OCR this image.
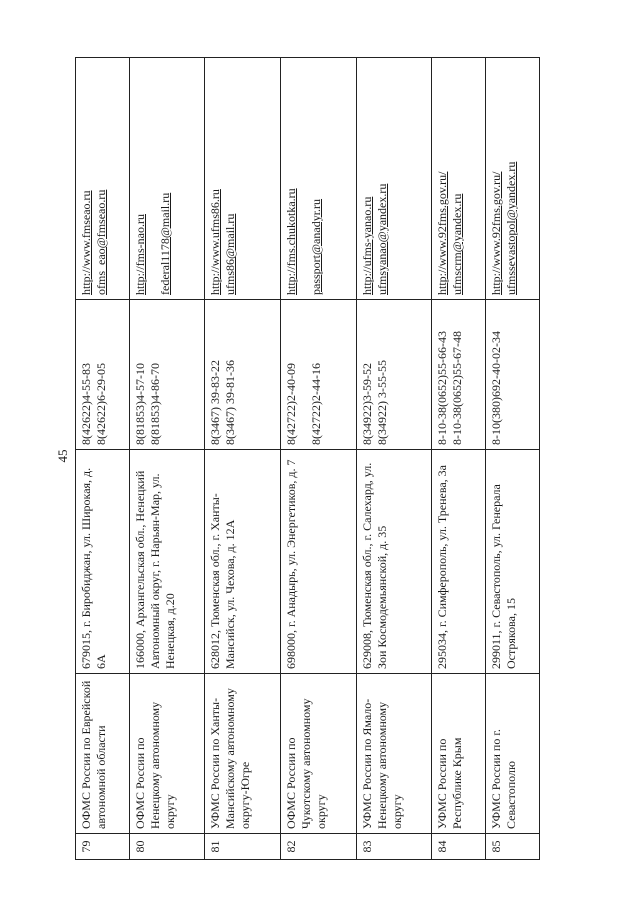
45
79	ОФМС России по Еврейской автономной области	679015, г. Биробиджан, ул. Широкая, д. 6А	8(42622)4-55-83 8(42622)6-29-05	http://www.fmseao.ru ofms_eao@fmseao.ru

80	ОФМС России по Ненецкому автономному округу	166000, Архангельская обл., Ненецкий Автономный округ, г. Нарьян-Мар, ул. Ненецкая, д.20	8(81853)4-57-10 8(81853)4-86-70	http://fms-nao.ru federal1178@mail.ru

81	УФМС России по Ханты-Мансийскому автономному округу-Югре	628012, Тюменская обл., г. Ханты-Мансийск, ул. Чехова, д. 12А	8(3467) 39-83-22 8(3467) 39-81-36	http://www.ufms86.ru ufms86@mail.ru

82	ОФМС России по Чукотскому автономному округу	698000, г. Анадырь, ул. Энергетиков, д. 7	8(42722)2-40-09 8(42722)2-44-16	http://fms.chukotka.ru passport@anadyr.ru

83	УФМС России по Ямало-Ненецкому автономному округу	629008, Тюменская обл., г. Салехард, ул. Зои Космодемьянской, д. 35	8(34922)3-59-52 8(34922) 3-55-55	http://ufms-yanao.ru ufmsyanao@yandex.ru

84	УФМС России по Республике Крым	295034, г. Симферополь, ул. Тренева, 3а	8-10-38(0652)55-66-43 8-10-38(0652)55-67-48	http://www.92fms.gov.ru/ ufmscrm@yandex.ru

85	УФМС России по г. Севастополю	299011, г. Севастополь, ул. Генерала Острякова, 15	8-10(380)692-40-02-34	http://www.92fms.gov.ru/ ufmssevastopol@yandex.ru
